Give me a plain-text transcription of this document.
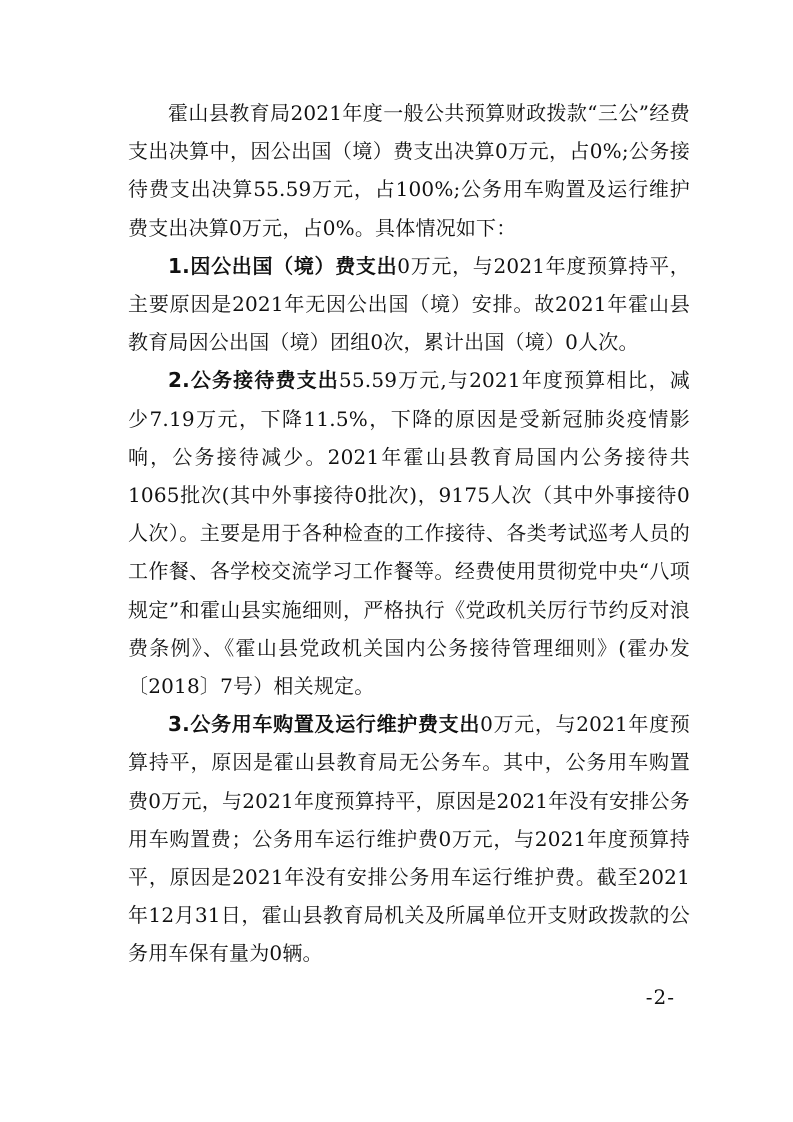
霍山县教育局2021年度一般公共预算财政拨款“三公”经费支出决算中，因公出国（境）费支出决算0万元，占0%;公务接待费支出决算55.59万元，占100%;公务用车购置及运行维护费支出决算0万元，占0%。具体情况如下：

1.因公出国（境）费支出0万元，与2021年度预算持平，主要原因是2021年无因公出国（境）安排。故2021年霍山县教育局因公出国（境）团组0次，累计出国（境）0人次。

2.公务接待费支出55.59万元,与2021年度预算相比，减少7.19万元，下降11.5%，下降的原因是受新冠肺炎疫情影响，公务接待减少。2021年霍山县教育局国内公务接待共1065批次(其中外事接待0批次)，9175人次（其中外事接待0人次）。主要是用于各种检查的工作接待、各类考试巡考人员的工作餐、各学校交流学习工作餐等。经费使用贯彻党中央“八项规定”和霍山县实施细则，严格执行《党政机关厉行节约反对浪费条例》、《霍山县党政机关国内公务接待管理细则》(霍办发〔2018〕7号）相关规定。

3.公务用车购置及运行维护费支出0万元，与2021年度预算持平，原因是霍山县教育局无公务车。其中，公务用车购置费0万元，与2021年度预算持平，原因是2021年没有安排公务用车购置费；公务用车运行维护费0万元，与2021年度预算持平，原因是2021年没有安排公务用车运行维护费。截至2021年12月31日，霍山县教育局机关及所属单位开支财政拨款的公务用车保有量为0辆。

-2-
